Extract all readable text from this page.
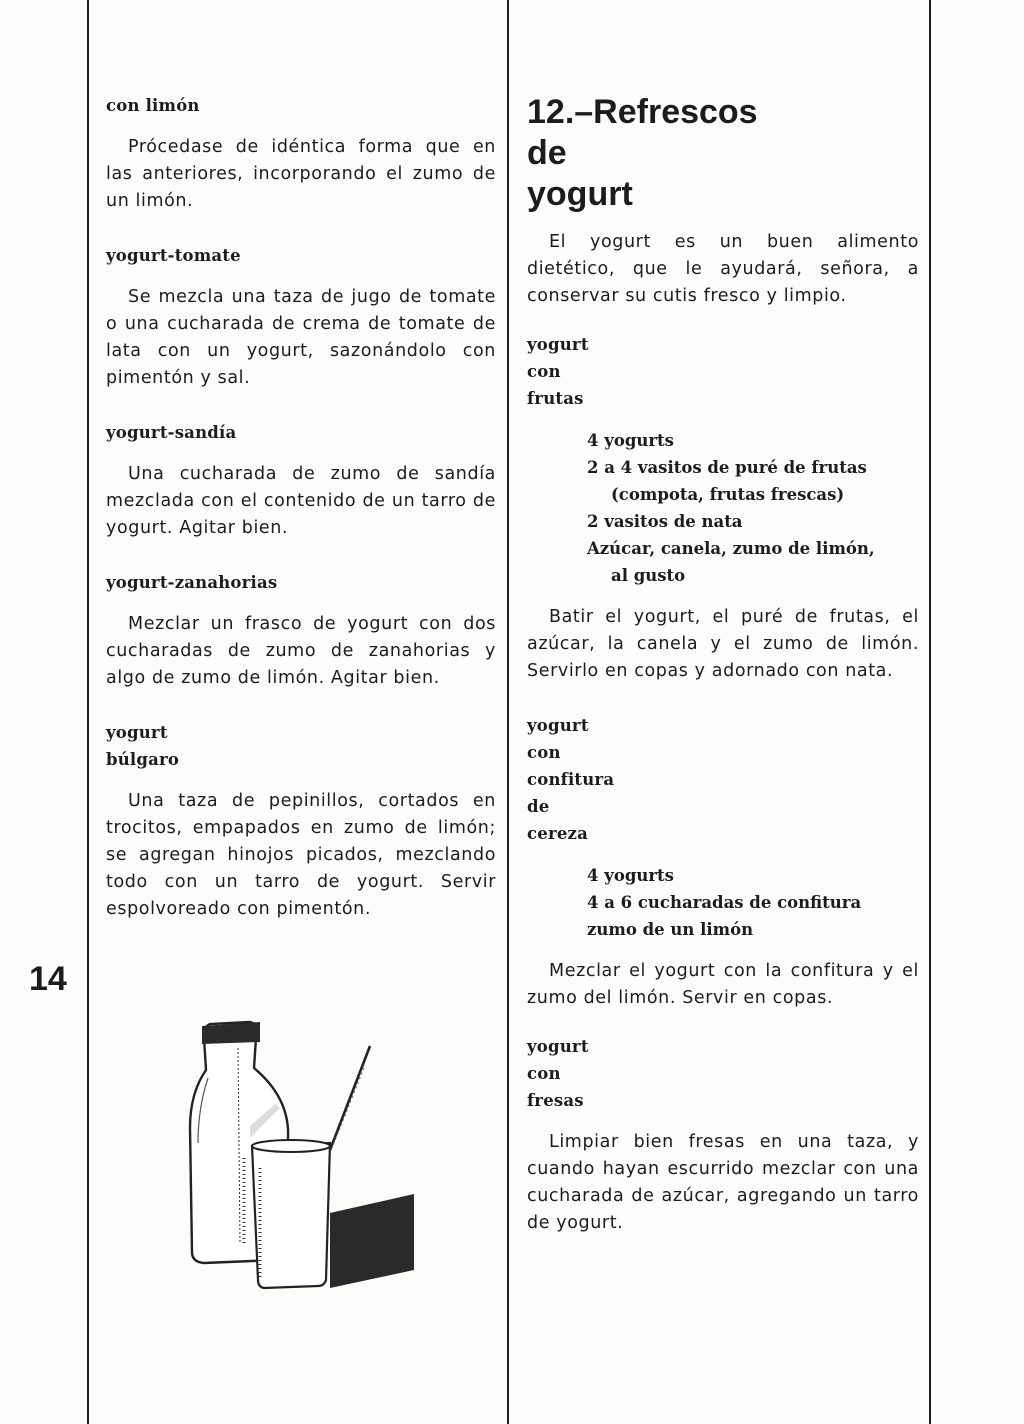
14
con limón

Prócedase de idéntica forma que en las anteriores, incorporando el zumo de un limón.

yogurt-tomate

Se mezcla una taza de jugo de tomate o una cucharada de crema de tomate de lata con un yogurt, sazonándolo con pimentón y sal.

yogurt-sandía

Una cucharada de zumo de sandía mezclada con el contenido de un tarro de yogurt. Agitar bien.

yogurt-zanahorias

Mezclar un frasco de yogurt con dos cucharadas de zumo de zanahorias y algo de zumo de limón. Agitar bien.

yogurt
búlgaro

Una taza de pepinillos, cortados en trocitos, empapados en zumo de limón; se agregan hinojos picados, mezclando todo con un tarro de yogurt. Servir espolvoreado con pimentón.

12.–Refrescos
de
yogurt

El yogurt es un buen alimento dietético, que le ayudará, señora, a conservar su cutis fresco y limpio.

yogurt
con
frutas
4 yogurts
2 a 4 vasitos de puré de frutas
(compota, frutas frescas)
2 vasitos de nata
Azúcar, canela, zumo de limón,
al gusto

Batir el yogurt, el puré de frutas, el azúcar, la canela y el zumo de limón. Servirlo en copas y adornado con nata.

yogurt
con
confitura
de
cereza
4 yogurts
4 a 6 cucharadas de confitura
zumo de un limón

Mezclar el yogurt con la confitura y el zumo del limón. Servir en copas.

yogurt
con
fresas

Limpiar bien fresas en una taza, y cuando hayan escurrido mezclar con una cucharada de azúcar, agregando un tarro de yogurt.
